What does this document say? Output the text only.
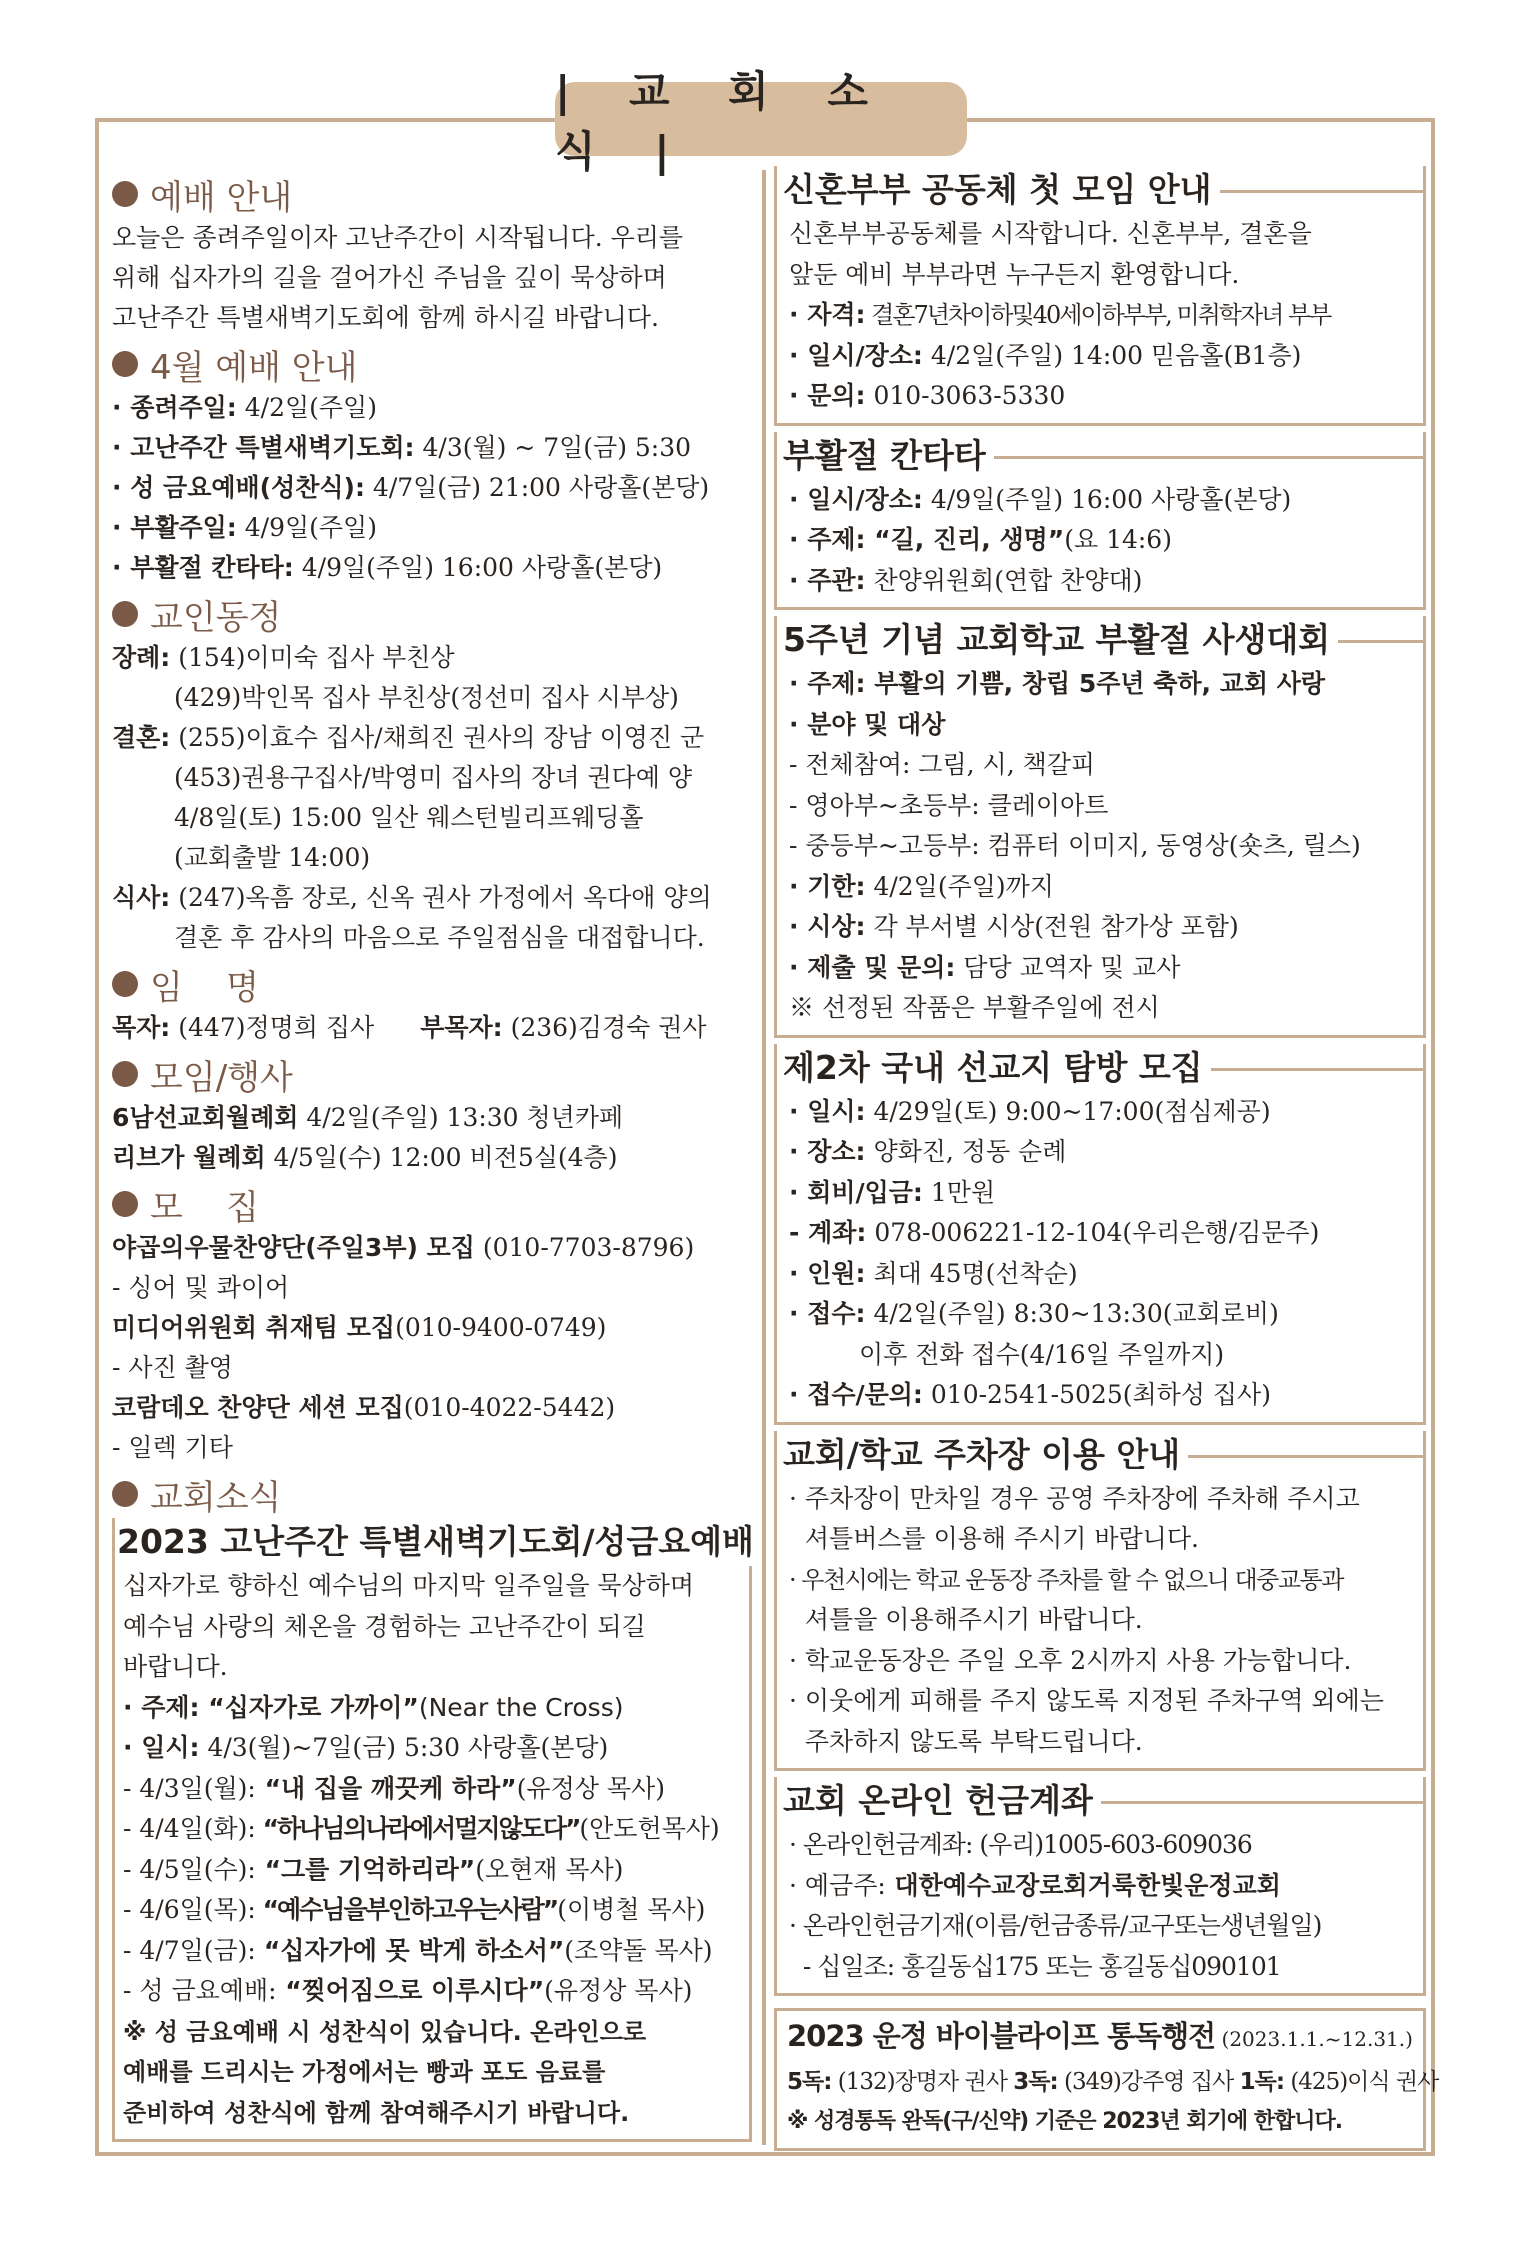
| 교 회 소 식 |
예배 안내

오늘은 종려주일이자 고난주간이 시작됩니다. 우리를

위해 십자가의 길을 걸어가신 주님을 깊이 묵상하며

고난주간 특별새벽기도회에 함께 하시길 바랍니다.

4월 예배 안내

· 종려주일: 4/2일(주일)

· 고난주간 특별새벽기도회: 4/3(월) ~ 7일(금) 5:30

· 성 금요예배(성찬식): 4/7일(금) 21:00 사랑홀(본당)

· 부활주일: 4/9일(주일)

· 부활절 칸타타: 4/9일(주일) 16:00 사랑홀(본당)

교인동정

장례: (154)이미숙 집사 부친상

(429)박인목 집사 부친상(정선미 집사 시부상)

결혼: (255)이효수 집사/채희진 권사의 장남 이영진 군

(453)권용구집사/박영미 집사의 장녀 권다예 양

4/8일(토) 15:00 일산 웨스턴빌리프웨딩홀

(교회출발 14:00)

식사: (247)옥흠 장로, 신옥 권사 가정에서 옥다애 양의

결혼 후 감사의 마음으로 주일점심을 대접합니다.

임    명

목자: (447)정명희 집사 부목자: (236)김경숙 권사

모임/행사

6남선교회월례회 4/2일(주일) 13:30 청년카페

리브가 월례회 4/5일(수) 12:00 비전5실(4층)

모    집

야곱의우물찬양단(주일3부) 모집 (010-7703-8796)

- 싱어 및 콰이어

미디어위원회 취재팀 모집(010-9400-0749)

- 사진 촬영

코람데오 찬양단 세션 모집(010-4022-5442)

- 일렉 기타

교회소식
2023 고난주간 특별새벽기도회/성금요예배

십자가로 향하신 예수님의 마지막 일주일을 묵상하며

예수님 사랑의 체온을 경험하는 고난주간이 되길

바랍니다.

· 주제: “십자가로 가까이”(Near the Cross)

· 일시: 4/3(월)~7일(금) 5:30 사랑홀(본당)

- 4/3일(월): “내 집을 깨끗케 하라”(유정상 목사)

- 4/4일(화): “하나님의나라에서멀지않도다”(안도헌목사)

- 4/5일(수): “그를 기억하리라”(오현재 목사)

- 4/6일(목): “예수님을부인하고우는사람”(이병철 목사)

- 4/7일(금): “십자가에 못 박게 하소서”(조약돌 목사)

- 성 금요예배: “찢어짐으로 이루시다”(유정상 목사)

※ 성 금요예배 시 성찬식이 있습니다. 온라인으로

예배를 드리시는 가정에서는 빵과 포도 음료를

준비하여 성찬식에 함께 참여해주시기 바랍니다.

신혼부부 공동체 첫 모임 안내

신혼부부공동체를 시작합니다. 신혼부부, 결혼을

앞둔 예비 부부라면 누구든지 환영합니다.

· 자격: 결혼7년차이하및40세이하부부, 미취학자녀 부부

· 일시/장소: 4/2일(주일) 14:00 믿음홀(B1층)

· 문의: 010-3063-5330

부활절 칸타타

· 일시/장소: 4/9일(주일) 16:00 사랑홀(본당)

· 주제: “길, 진리, 생명”(요 14:6)

· 주관: 찬양위원회(연합 찬양대)

5주년 기념 교회학교 부활절 사생대회

· 주제: 부활의 기쁨, 창립 5주년 축하, 교회 사랑

· 분야 및 대상

- 전체참여: 그림, 시, 책갈피

- 영아부~초등부: 클레이아트

- 중등부~고등부: 컴퓨터 이미지, 동영상(숏츠, 릴스)

· 기한: 4/2일(주일)까지

· 시상: 각 부서별 시상(전원 참가상 포함)

· 제출 및 문의: 담당 교역자 및 교사

※ 선정된 작품은 부활주일에 전시

제2차 국내 선교지 탐방 모집

· 일시: 4/29일(토) 9:00~17:00(점심제공)

· 장소: 양화진, 정동 순례

· 회비/입금: 1만원

- 계좌: 078-006221-12-104(우리은행/김문주)

· 인원: 최대 45명(선착순)

· 접수: 4/2일(주일) 8:30~13:30(교회로비)

이후 전화 접수(4/16일 주일까지)

· 접수/문의: 010-2541-5025(최하성 집사)

교회/학교 주차장 이용 안내

· 주차장이 만차일 경우 공영 주차장에 주차해 주시고

셔틀버스를 이용해 주시기 바랍니다.

· 우천시에는 학교 운동장 주차를 할 수 없으니 대중교통과

셔틀을 이용해주시기 바랍니다.

· 학교운동장은 주일 오후 2시까지 사용 가능합니다.

· 이웃에게 피해를 주지 않도록 지정된 주차구역 외에는

주차하지 않도록 부탁드립니다.

교회 온라인 헌금계좌

· 온라인헌금계좌: (우리)1005-603-609036

· 예금주: 대한예수교장로회거룩한빛운정교회

· 온라인헌금기재(이름/헌금종류/교구또는생년월일)

- 십일조: 홍길동십175 또는 홍길동십090101

2023 운정 바이블라이프 통독행전 (2023.1.1.~12.31.)

5독: (132)장명자 권사 3독: (349)강주영 집사 1독: (425)이식 권사

※ 성경통독 완독(구/신약) 기준은 2023년 회기에 한합니다.
